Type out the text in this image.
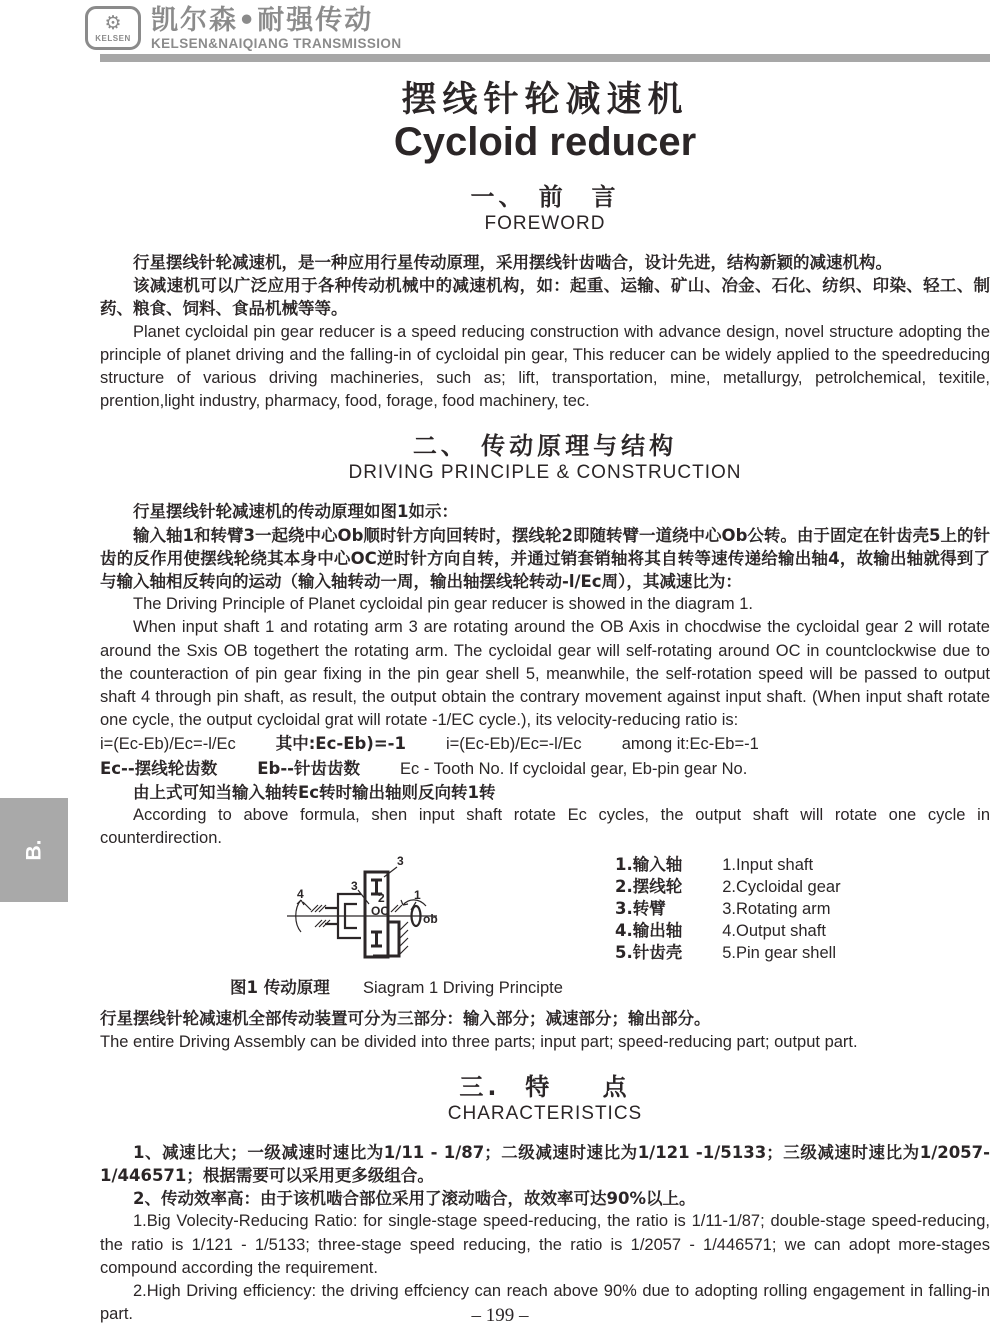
⚙
KELSEN
凯尔森•耐强传动
KELSEN&NAIQIANG TRANSMISSION
摆线针轮减速机
Cycloid reducer
一、 前  言
FOREWORD

行星摆线针轮减速机，是一种应用行星传动原理，采用摆线针齿啮合，设计先进，结构新颖的减速机构。

该减速机可以广泛应用于各种传动机械中的减速机构，如：起重、运输、矿山、冶金、石化、纺织、印染、轻工、制药、粮食、饲料、食品机械等等。

Planet cycloidal pin gear reducer is a speed reducing construction with advance design, novel structure adopting the principle of planet driving and the falling-in of cycloidal pin gear, This reducer can be widely applied to the speedreducing structure of various driving machineries, such as; lift, transportation, mine, metallurgy, petrolchemical, texitile, prention,light industry, pharmacy, food, forage, food machinery, tec.

二、 传动原理与结构
DRIVING PRINCIPLE & CONSTRUCTION

行星摆线针轮减速机的传动原理如图1如示：

输入轴1和转臂3一起绕中心Ob顺时针方向回转时，摆线轮2即随转臂一道绕中心Ob公转。由于固定在针齿壳5上的针齿的反作用使摆线轮绕其本身中心OC逆时针方向自转，并通过销套销轴将其自转等速传递给输出轴4，故输出轴就得到了与输入轴相反转向的运动（输入轴转动一周，输出轴摆线轮转动-l/Ec周），其减速比为：

The Driving Principle of Planet cycloidal pin gear reducer is showed in the diagram 1.

When input shaft 1 and rotating arm 3 are rotating around the OB Axis in chocdwise the cycloidal gear 2 will rotate around the Sxis OB togethert the rotating arm. The cycloidal gear will self-rotating around OC in countclockwise due to the counteraction of pin gear fixing in the pin gear shell 5, meanwhile, the self-rotation speed will be passed to output shaft 4 through pin shaft, as result, the output obtain the contrary movement against input shaft. (When input shaft rotate one cycle, the output cycloidal grat will rotate -1/EC cycle.), its velocity-reducing ratio is:

i=(Ec-Eb)/Ec=-l/Ec 其中:Ec-Eb)=-1 i=(Ec-Eb)/Ec=-l/Ec among it:Ec-Eb=-1
Ec--摆线轮齿数 Eb--针齿齿数 Ec - Tooth No. If cycloidal gear, Eb-pin gear No.

由上式可知当输入轴转Ec转时输出轴则反向转1转

According to above formula, shen input shaft rotate Ec cycles, the output shaft will rotate one cycle in counterdirection.

3
3
2
OC
1
ob
4
1.输入轴
2.摆线轮
3.转臂
4.输出轴
5.针齿壳
1.Input shaft
2.Cycloidal gear
3.Rotating arm
4.Output shaft
5.Pin gear shell
图1 传动原理 Siagram 1 Driving Principte

行星摆线针轮减速机全部传动装置可分为三部分：输入部分；减速部分；输出部分。

The entire Driving Assembly can be divided into three parts; input part; speed-reducing part; output part.

三.  特    点
CHARACTERISTICS

1、减速比大；一级减速时速比为1/11 - 1/87；二级减速时速比为1/121 -1/5133；三级减速时速比为1/2057-1/446571；根据需要可以采用更多级组合。

2、传动效率高：由于该机啮合部位采用了滚动啮合，故效率可达90%以上。

1.Big Volecity-Reducing Ratio: for single-stage speed-reducing, the ratio is 1/11-1/87; double-stage speed-reducing, the ratio is 1/121 - 1/5133; three-stage speed reducing, the ratio is 1/2057 - 1/446571; we can adopt more-stages compound according the requirement.

2.High Driving efficiency: the driving effciency can reach above 90% due to adopting rolling engagement in falling-in part.

B.
– 199 –
